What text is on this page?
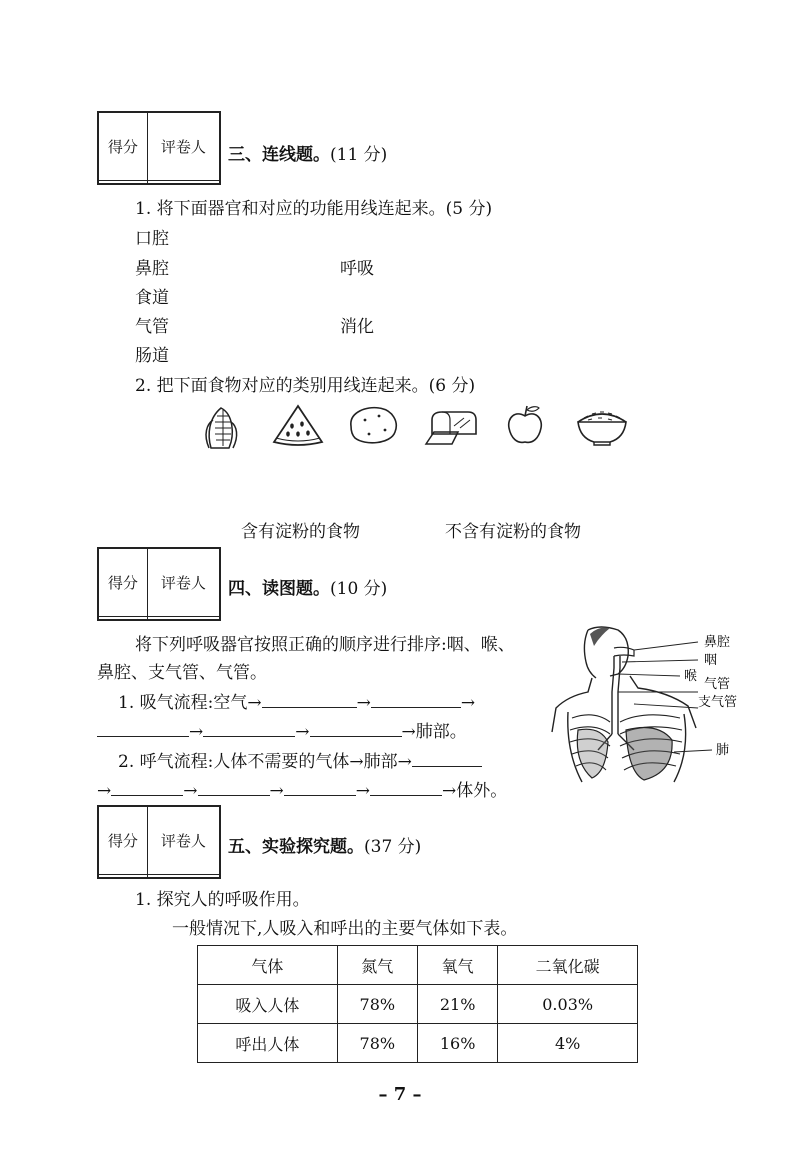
得分	评卷人
	三、连线题。(11 分)
1. 将下面器官和对应的功能用线连起来。(5 分)
口腔
鼻腔
食道
气管
肠道
呼吸
消化
2. 把下面食物对应的类别用线连起来。(6 分)
含有淀粉的食物	不含有淀粉的食物
得分	评卷人
	四、读图题。(10 分)
将下列呼吸器官按照正确的顺序进行排序:咽、喉、
鼻腔、支气管、气管。
1. 吸气流程:空气→	→	→
→	→	→肺部。
2. 呼气流程:人体不需要的气体→肺部→
→	→	→	→	→体外。
鼻腔
咽
喉
气管
支气管
肺
得分	评卷人
	五、实验探究题。(37 分)
1. 探究人的呼吸作用。
一般情况下,人吸入和呼出的主要气体如下表。
气体	氮气	氧气	二氧化碳
吸入人体	78%	21%	0.03%
呼出人体	78%	16%	4%
– 7 –
